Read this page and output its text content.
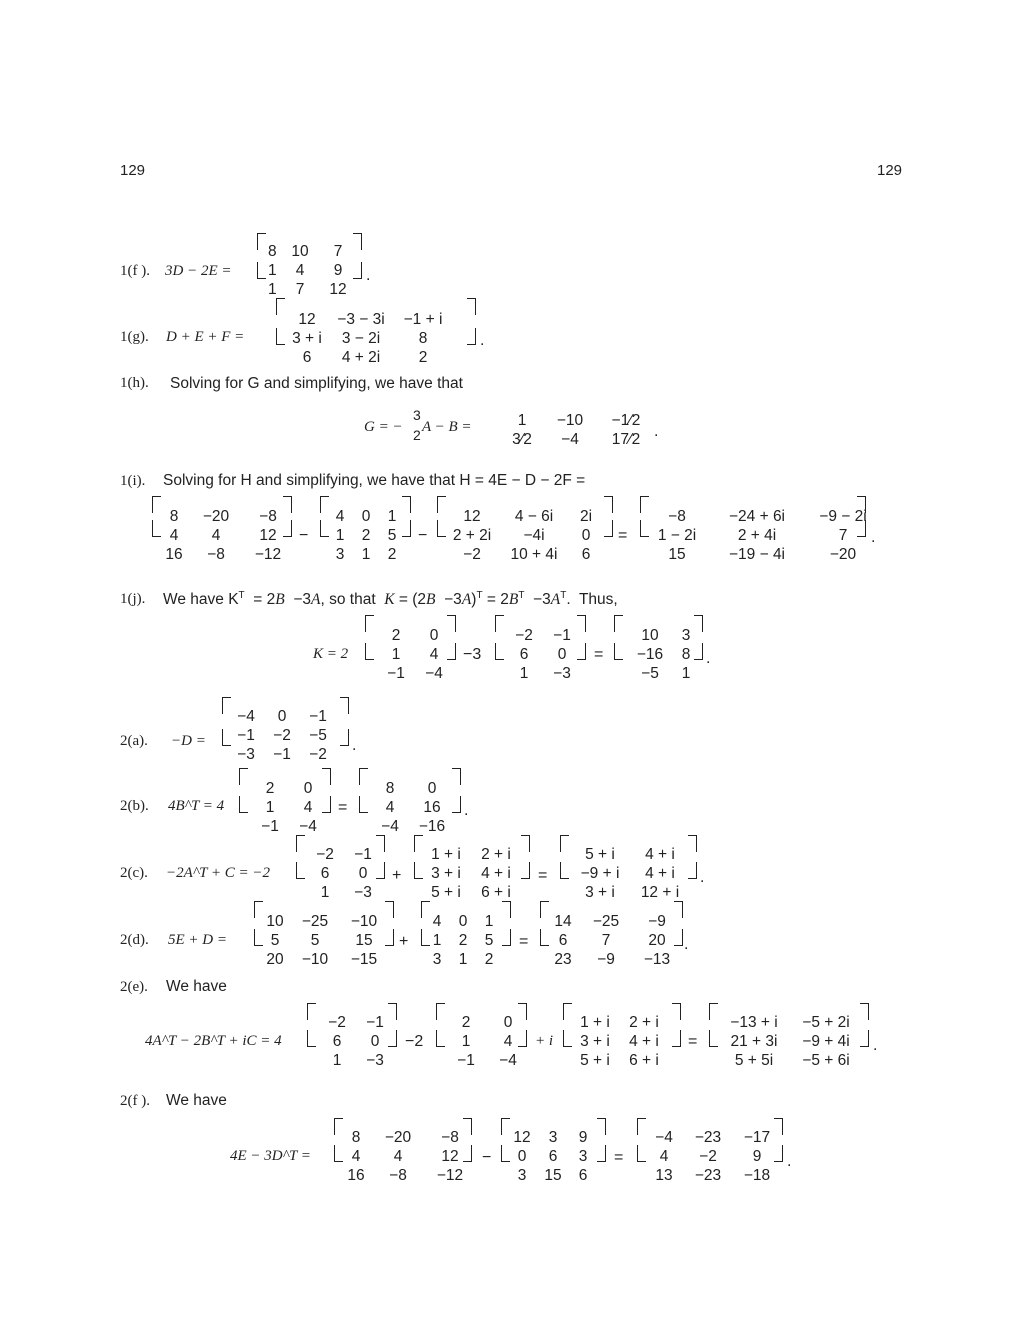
129	129
1(f ). 3D − 2E =
8 10	7
1	4	9
1	7	12
.
1(g). D + E + F =
12	−3 − 3i	−1 + i
3 + i	3 − 2i	8
6	4 + 2i	2
.
1(h). Solving for G and simplifying, we have that
G = −
3
2 A − B =	1	−10	−1⁄2
3⁄2	−4	17⁄2 .
1(i). Solving for H and simplifying, we have that H = 4E − D − 2F =
8	−20	−8
4	4	12
16	−8	−12
−
4	0	1
1	2	5
3	1	2
−
12	4 − 6i	2i
2 + 2i	−4i	0
−2	10 + 4i	6
=
−8	−24 + 6i	−9 − 2i
1 − 2i	2 + 4i	7
15	−19 − 4i	−20
.
1(j). We have $K^T = 2B -3A$, so that  $K = (2B -3A)^T = 2B^T -3A^T$.  Thus,
K = 2
2	0
1	4
−1	−4
−3
−2	−1
6	0
1	−3
=
10	3
−16	8
−5	1
.
2(a). −D =
−4	0	−1
−1	−2	−5
−3	−1	−2
.
2(b). 4B^T = 4
2	0
1	4
−1	−4
=
8	0
4	16
−4	−16
.
2(c). −2A^T + C = −2
−2	−1
6	0
1	−3
+
1 + i	2 + i
3 + i	4 + i
5 + i	6 + i
=
5 + i	4 + i
−9 + i	4 + i
3 + i	12 + i
.
2(d). 5E + D =
10	−25	−10
5	5	15
20	−10	−15
+
4	0	1
1	2	5
3	1	2
=
14	−25	−9
6	7	20
23	−9	−13
.
2(e). We have
4A^T − 2B^T + iC = 4
−2	−1
6	0
1	−3
−2
2	0
1	4
−1	−4
+ i
1 + i	2 + i
3 + i	4 + i
5 + i	6 + i
=
−13 + i	−5 + 2i
21 + 3i	−9 + 4i
5 + 5i	−5 + 6i
.
2(f ). We have
4E − 3D^T =
8	−20	−8
4	4	12
16	−8	−12
−
12	3	9
0	6	3
3	15	6
=
−4	−23	−17
4	−2	9
13	−23	−18
.
